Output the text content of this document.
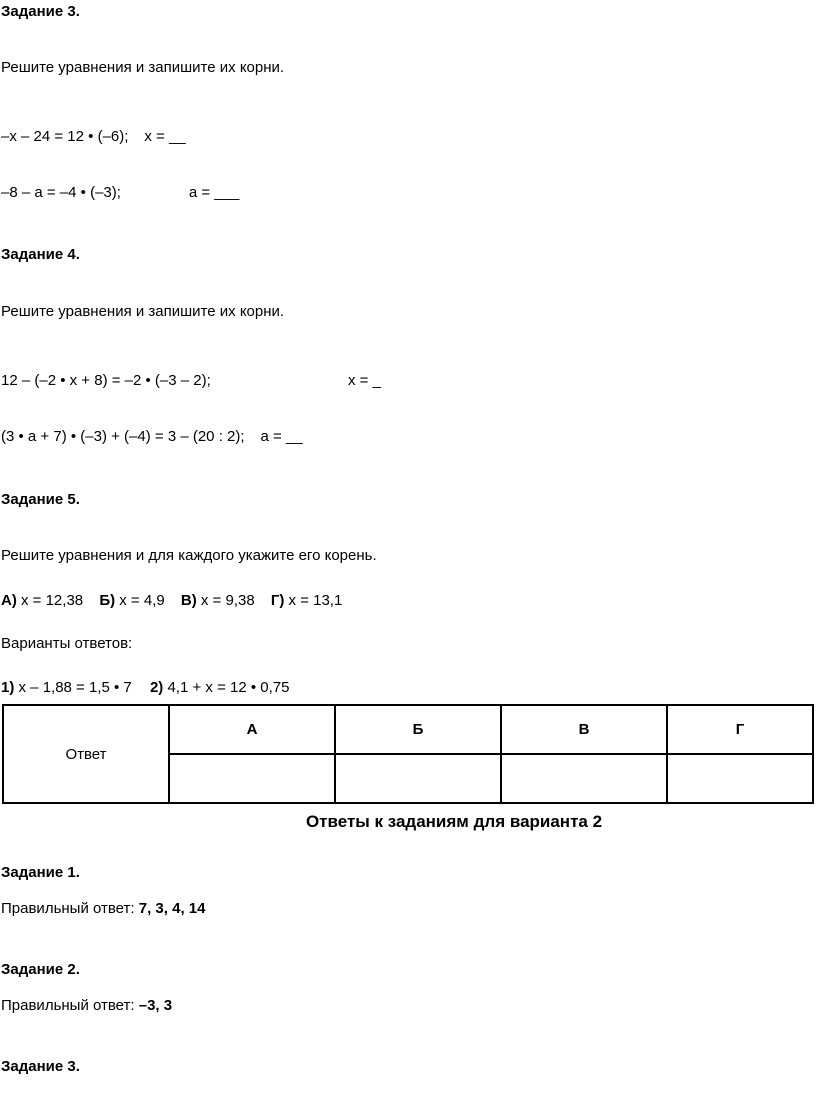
Задание 3.
Решите уравнения и запишите их корни.
–x – 24 = 12 • (–6); x = __
–8 – a = –4 • (–3);	a = ___
Задание 4.
Решите уравнения и запишите их корни.
12 – (–2 • x + 8) = –2 • (–3 – 2);	x = _
(3 • a + 7) • (–3) + (–4) = 3 – (20 : 2); a = __
Задание 5.
Решите уравнения и для каждого укажите его корень.
А) x = 12,38 Б) x = 4,9 В) x = 9,38 Г) x = 13,1
Варианты ответов:
1) x – 1,88 = 1,5 • 7 2) 4,1 + x = 12 • 0,75
Ответ	А	Б	В	Г

Ответы к заданиям для варианта 2
Задание 1.
Правильный ответ: 7, 3, 4, 14
Задание 2.
Правильный ответ: –3, 3
Задание 3.
